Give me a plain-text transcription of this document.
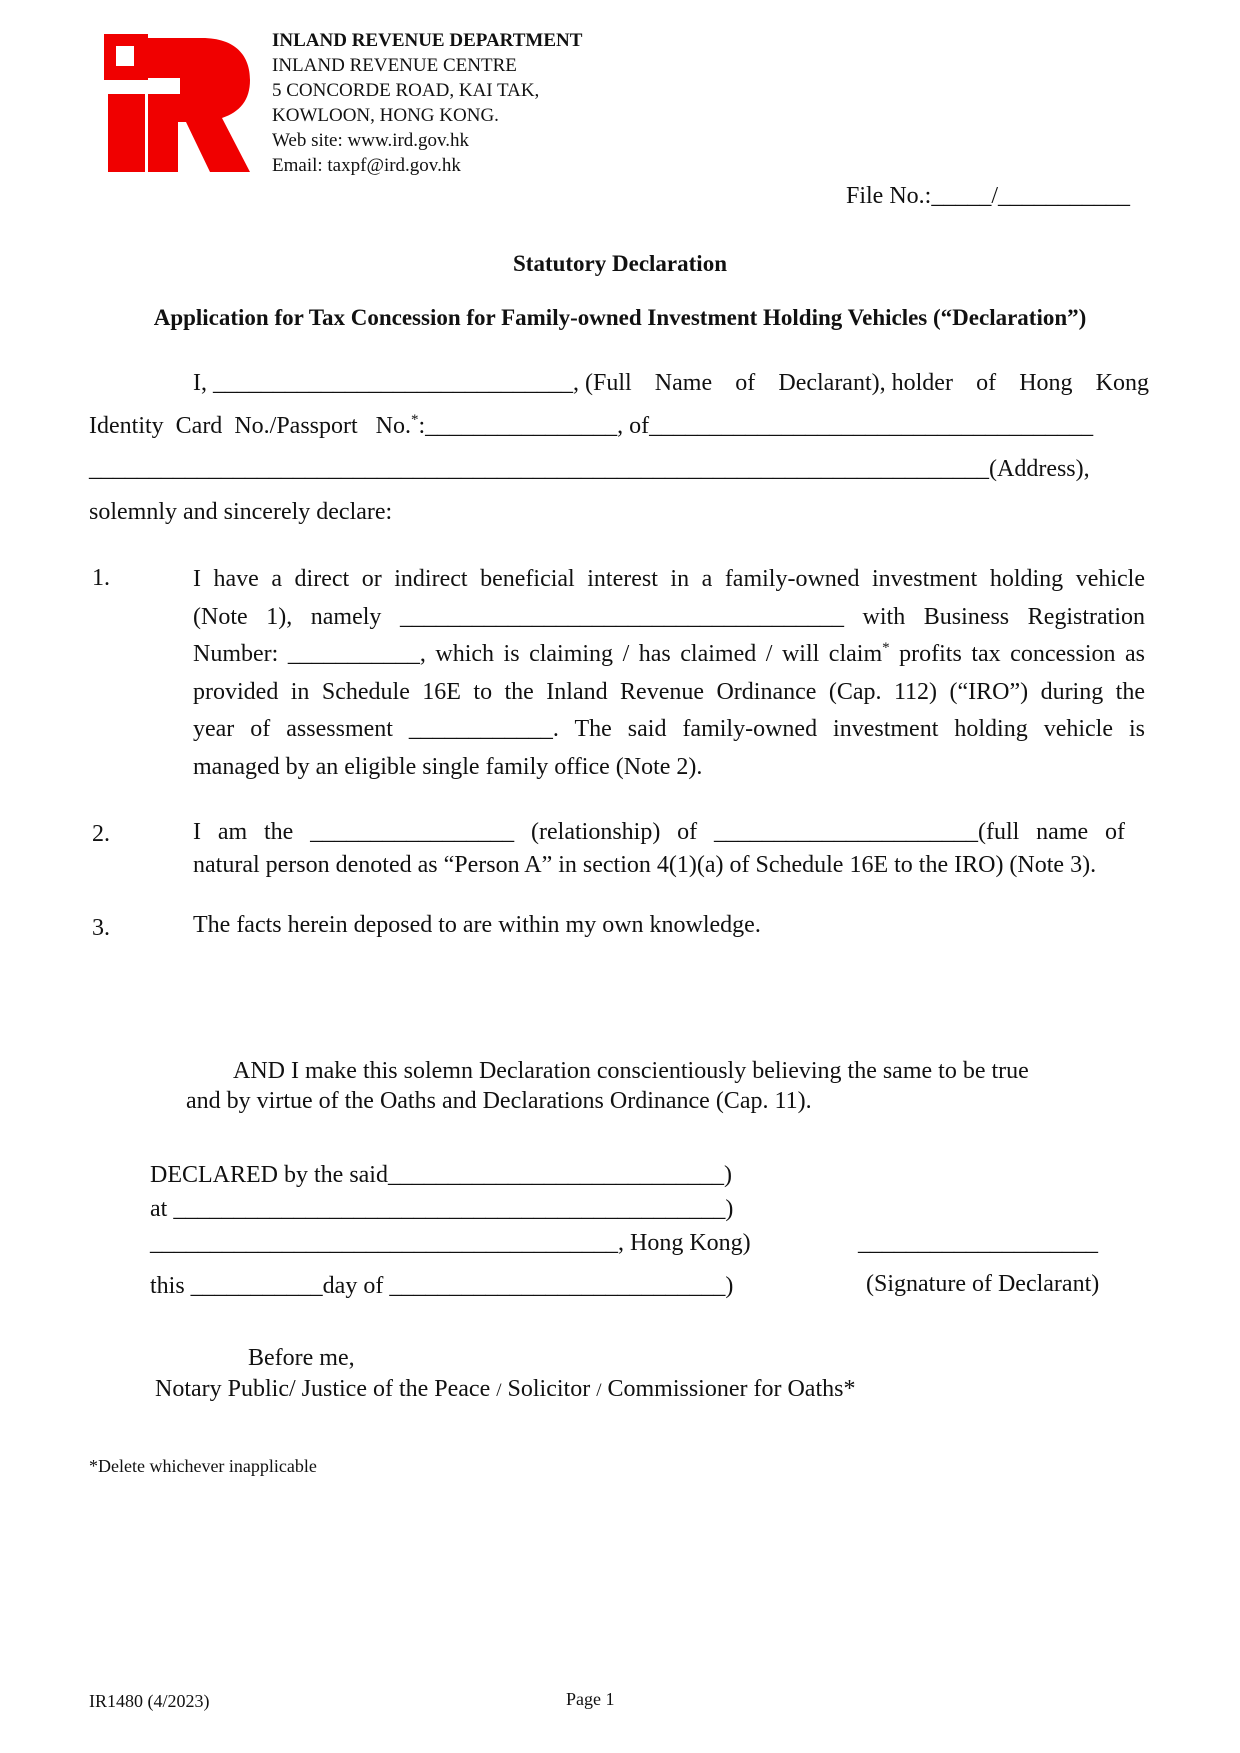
INLAND REVENUE DEPARTMENT
INLAND REVENUE CENTRE
5 CONCORDE ROAD, KAI TAK,
KOWLOON, HONG KONG.
Web site: www.ird.gov.hk
Email: taxpf@ird.gov.hk
File No.:_____/___________
Statutory Declaration
Application for Tax Concession for Family-owned Investment Holding Vehicles (“Declaration”)
I, ______________________________, (Full Name of Declarant), holder of Hong Kong
Identity Card No./Passport No.*:________________, of_____________________________________
___________________________________________________________________________(Address),
solemnly and sincerely declare:
1.	I have a direct or indirect beneficial interest in a family-owned investment holding vehicle
(Note 1), namely _____________________________________ with Business Registration
Number: ___________, which is claiming / has claimed / will claim* profits tax concession as
provided in Schedule 16E to the Inland Revenue Ordinance (Cap. 112) (“IRO”) during the
year of assessment ____________. The said family-owned investment holding vehicle is
managed by an eligible single family office (Note 2).
2.	I am the _________________ (relationship) of ______________________(full name of
natural person denoted as “Person A” in section 4(1)(a) of Schedule 16E to the IRO) (Note 3).
3.	The facts herein deposed to are within my own knowledge.
AND I make this solemn Declaration conscientiously believing the same to be true
and by virtue of the Oaths and Declarations Ordinance (Cap. 11).
DECLARED by the said____________________________)
at ______________________________________________)
_______________________________________, Hong Kong)
this ___________day of ____________________________)
____________________
(Signature of Declarant)
Before me,
Notary Public/ Justice of the Peace / Solicitor / Commissioner for Oaths*
*Delete whichever inapplicable
IR1480 (4/2023)	Page 1
